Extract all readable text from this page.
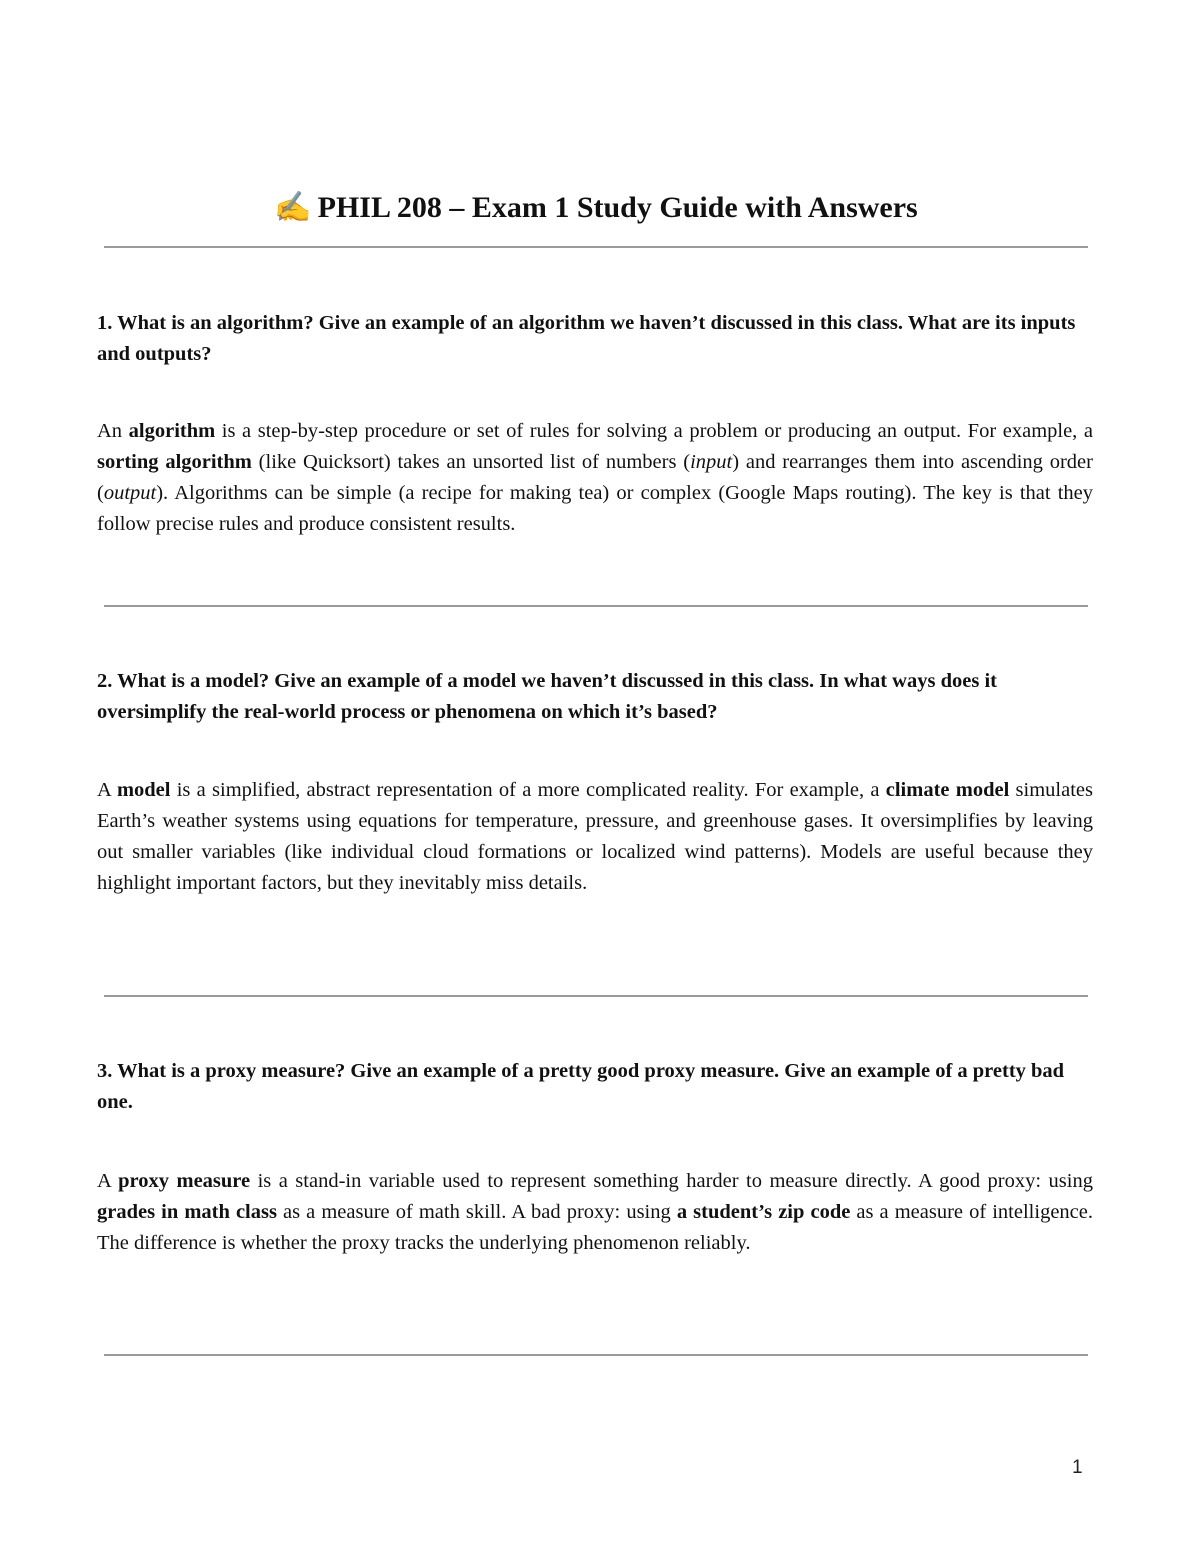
✍️ PHIL 208 – Exam 1 Study Guide with Answers
1. What is an algorithm? Give an example of an algorithm we haven’t discussed in this class. What are its inputs and outputs?
An algorithm is a step-by-step procedure or set of rules for solving a problem or producing an output. For example, a sorting algorithm (like Quicksort) takes an unsorted list of numbers (input) and rearranges them into ascending order (output). Algorithms can be simple (a recipe for making tea) or complex (Google Maps routing). The key is that they follow precise rules and produce consistent results.
2. What is a model? Give an example of a model we haven’t discussed in this class. In what ways does it oversimplify the real-world process or phenomena on which it’s based?
A model is a simplified, abstract representation of a more complicated reality. For example, a climate model simulates Earth’s weather systems using equations for temperature, pressure, and greenhouse gases. It oversimplifies by leaving out smaller variables (like individual cloud formations or localized wind patterns). Models are useful because they highlight important factors, but they inevitably miss details.
3. What is a proxy measure? Give an example of a pretty good proxy measure. Give an example of a pretty bad one.
A proxy measure is a stand-in variable used to represent something harder to measure directly. A good proxy: using grades in math class as a measure of math skill. A bad proxy: using a student’s zip code as a measure of intelligence. The difference is whether the proxy tracks the underlying phenomenon reliably.
1
